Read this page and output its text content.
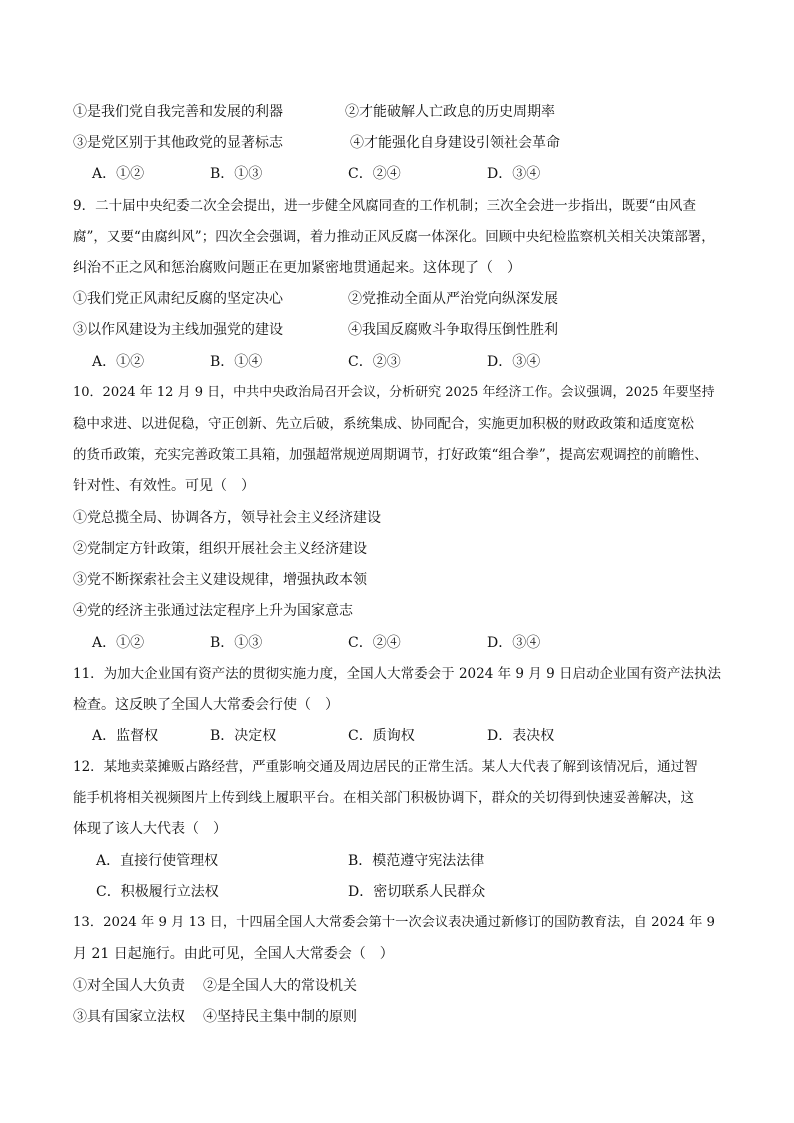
①是我们党自我完善和发展的利器	②才能破解人亡政息的历史周期率
③是党区别于其他政党的显著标志	④才能强化自身建设引领社会革命
A．①②	B．①③	C．②④	D．③④
9．二十届中央纪委二次全会提出，进一步健全风腐同查的工作机制；三次全会进一步指出，既要“由风查
腐”，又要“由腐纠风”；四次全会强调，着力推动正风反腐一体深化。回顾中央纪检监察机关相关决策部署，
纠治不正之风和惩治腐败问题正在更加紧密地贯通起来。这体现了（　）
①我们党正风肃纪反腐的坚定决心	②党推动全面从严治党向纵深发展
③以作风建设为主线加强党的建设	④我国反腐败斗争取得压倒性胜利
A．①②	B．①④	C．②③	D．③④
10．2024 年 12 月 9 日，中共中央政治局召开会议，分析研究 2025 年经济工作。会议强调，2025 年要坚持
稳中求进、以进促稳，守正创新、先立后破，系统集成、协同配合，实施更加积极的财政政策和适度宽松
的货币政策，充实完善政策工具箱，加强超常规逆周期调节，打好政策“组合拳”，提高宏观调控的前瞻性、
针对性、有效性。可见（　）
①党总揽全局、协调各方，领导社会主义经济建设
②党制定方针政策，组织开展社会主义经济建设
③党不断探索社会主义建设规律，增强执政本领
④党的经济主张通过法定程序上升为国家意志
A．①②	B．①③	C．②④	D．③④
11．为加大企业国有资产法的贯彻实施力度，全国人大常委会于 2024 年 9 月 9 日启动企业国有资产法执法
检查。这反映了全国人大常委会行使（　）
A．监督权	B．决定权	C．质询权	D．表决权
12．某地卖菜摊贩占路经营，严重影响交通及周边居民的正常生活。某人大代表了解到该情况后，通过智
能手机将相关视频图片上传到线上履职平台。在相关部门积极协调下，群众的关切得到快速妥善解决，这
体现了该人大代表（　）
A．直接行使管理权	B．模范遵守宪法法律
C．积极履行立法权	D．密切联系人民群众
13．2024 年 9 月 13 日，十四届全国人大常委会第十一次会议表决通过新修订的国防教育法，自 2024 年 9
月 21 日起施行。由此可见，全国人大常委会（　）
①对全国人大负责 ②是全国人大的常设机关
③具有国家立法权 ④坚持民主集中制的原则
